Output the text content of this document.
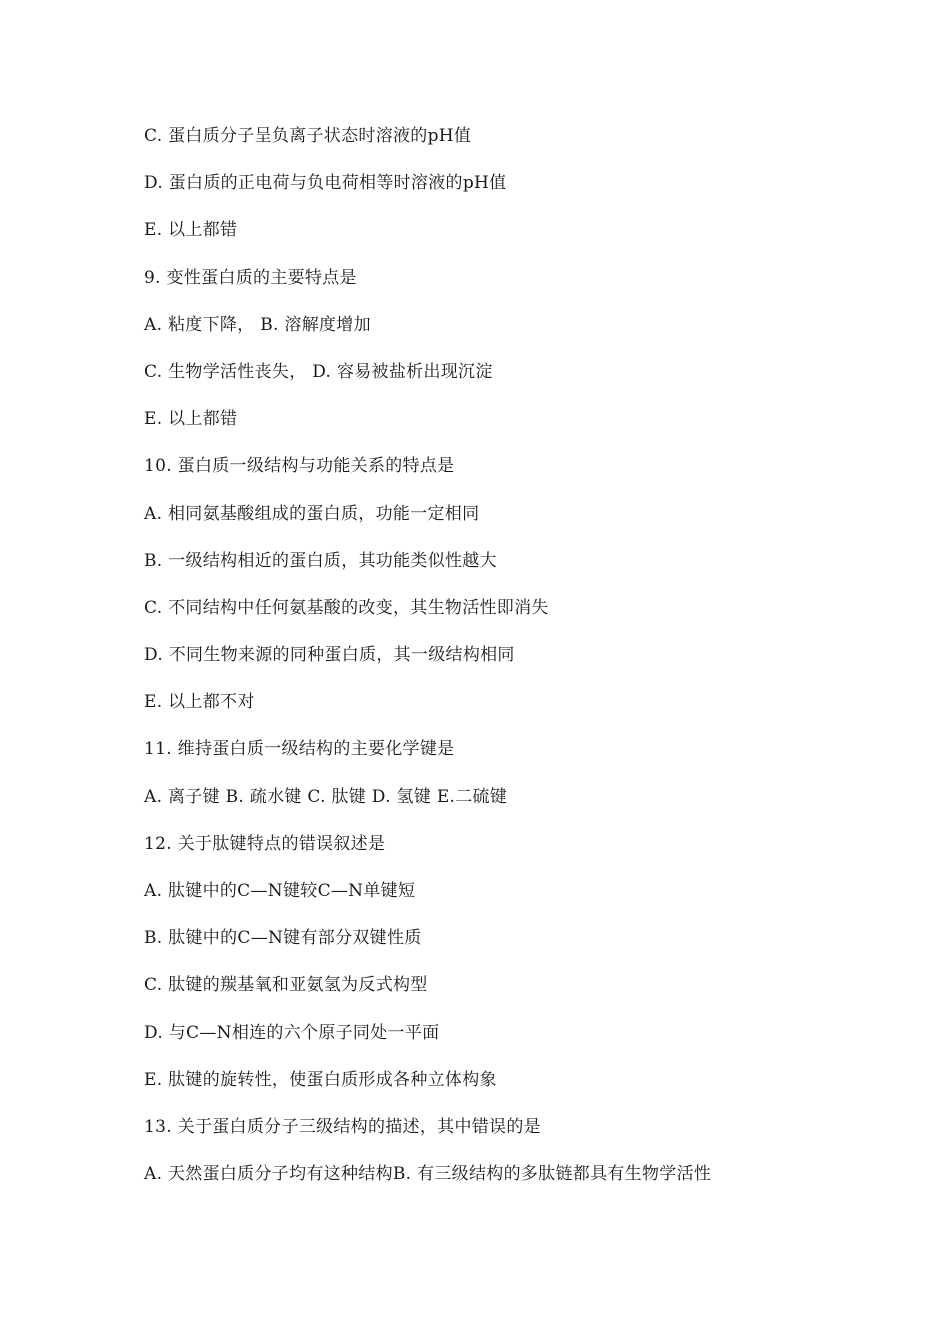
C. 蛋白质分子呈负离子状态时溶液的pH值
D. 蛋白质的正电荷与负电荷相等时溶液的pH值
E. 以上都错
9. 变性蛋白质的主要特点是
A. 粘度下降， B. 溶解度增加
C. 生物学活性丧失， D. 容易被盐析出现沉淀
E. 以上都错
10. 蛋白质一级结构与功能关系的特点是
A. 相同氨基酸组成的蛋白质，功能一定相同
B. 一级结构相近的蛋白质，其功能类似性越大
C. 不同结构中任何氨基酸的改变，其生物活性即消失
D. 不同生物来源的同种蛋白质，其一级结构相同
E. 以上都不对
11. 维持蛋白质一级结构的主要化学键是
A. 离子键 B. 疏水键 C. 肽键 D. 氢键 E.二硫键
12. 关于肽键特点的错误叙述是
A. 肽键中的C—N键较C—N单键短
B. 肽键中的C—N键有部分双键性质
C. 肽键的羰基氧和亚氨氢为反式构型
D. 与C—N相连的六个原子同处一平面
E. 肽键的旋转性，使蛋白质形成各种立体构象
13. 关于蛋白质分子三级结构的描述，其中错误的是
A. 天然蛋白质分子均有这种结构B. 有三级结构的多肽链都具有生物学活性
